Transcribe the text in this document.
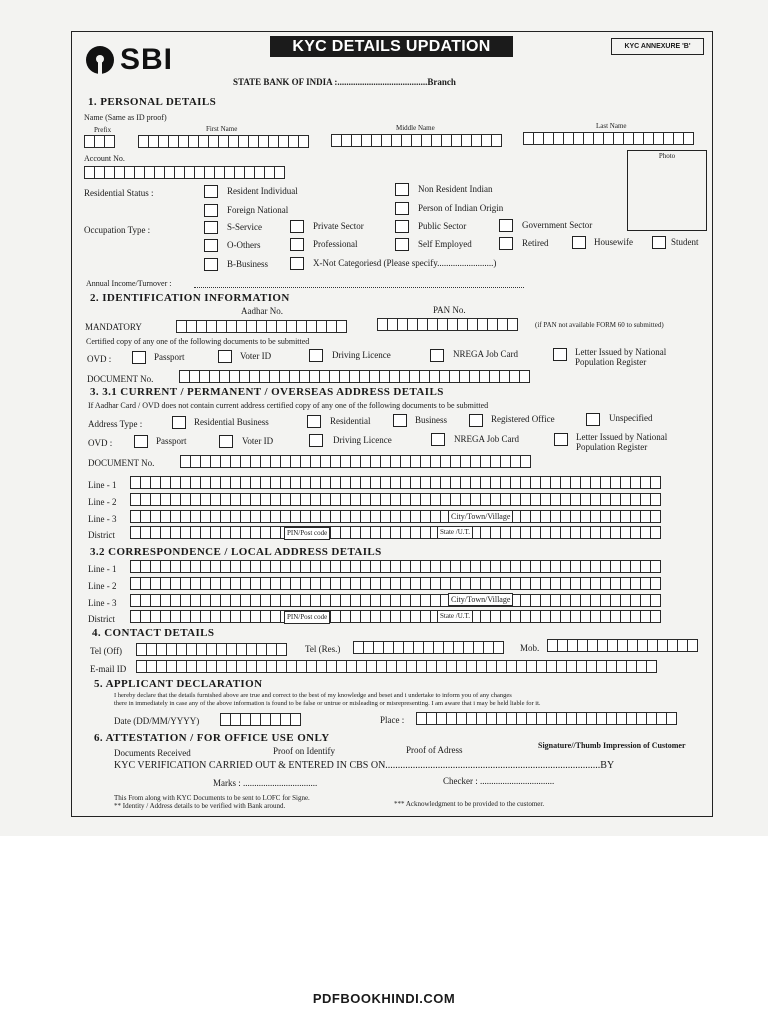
SBI	KYC DETAILS UPDATION	KYC ANNEXURE 'B'
STATE BANK OF INDIA :........................................Branch
1. PERSONAL DETAILS
Name (Same as ID proof)
Prefix	First Name	Middle Name	Last Name
Photo
Account No.
Residential Status :	Resident Individual	Non Resident Indian
Foreign National	Person of Indian Origin
Occupation Type :	S-Service	Private Sector	Public Sector	Government Sector
O-Others	Professional	Self Employed	Retired	Housewife	Student
B-Business	X-Not Categoriesd (Please specify.........................)
Annual Income/Turnover :
2. IDENTIFICATION INFORMATION
Aadhar No.	PAN No.
MANDATORY	(if PAN not available FORM 60 to submitted)
Certified copy of any one of the following documents to be submitted
OVD :	Passport	Voter ID	Driving Licence	NREGA Job Card	Letter Issued by National
Population Register
DOCUMENT No.
3. 3.1 CURRENT / PERMANENT / OVERSEAS ADDRESS DETAILS
If Aadhar Card / OVD does not contain current address certified copy of any one of the following documents to be submitted
Address Type :	Residential Business	Residential	Business	Registered Office	Unspecified
OVD :	Passport	Voter ID	Driving Licence	NREGA Job Card	Letter Issued by National
Population Register
DOCUMENT No.
Line - 1
Line - 2
Line - 3	City/Town/Village
District	PIN/Post code	State /U.T.
3.2 CORRESPONDENCE / LOCAL ADDRESS DETAILS
Line - 1
Line - 2
Line - 3	City/Town/Village
District	PIN/Post code	State /U.T.
4. CONTACT DETAILS
Tel (Off)	Tel (Res.)	Mob.
E-mail ID
5. APPLICANT DECLARATION
I hereby declare that the details furnished above are true and correct to the best of my knowledge and beset and i undertake to inform you of any changes
there in immediately in case any of the above information is found to be false or untrue or misleading or misrepresenting. I am aware that i may be held liable for it.
Date (DD/MM/YYYY)	Place :
6. ATTESTATION / FOR OFFICE USE ONLY
Documents Received	Proof on Identify	Proof of Adress	Signature//Thumb Impression of Customer
KYC VERIFICATION CARRIED OUT & ENTERED IN CBS ON......................................................................................BY
Marks : .................................	Checker : .................................
This From along with KYC Documents to be sent to LOFC for Signe.
** Identity / Address details to be verified with Bank around.	*** Acknowledgment to be provided to the customer.
PDFBOOKHINDI.COM
